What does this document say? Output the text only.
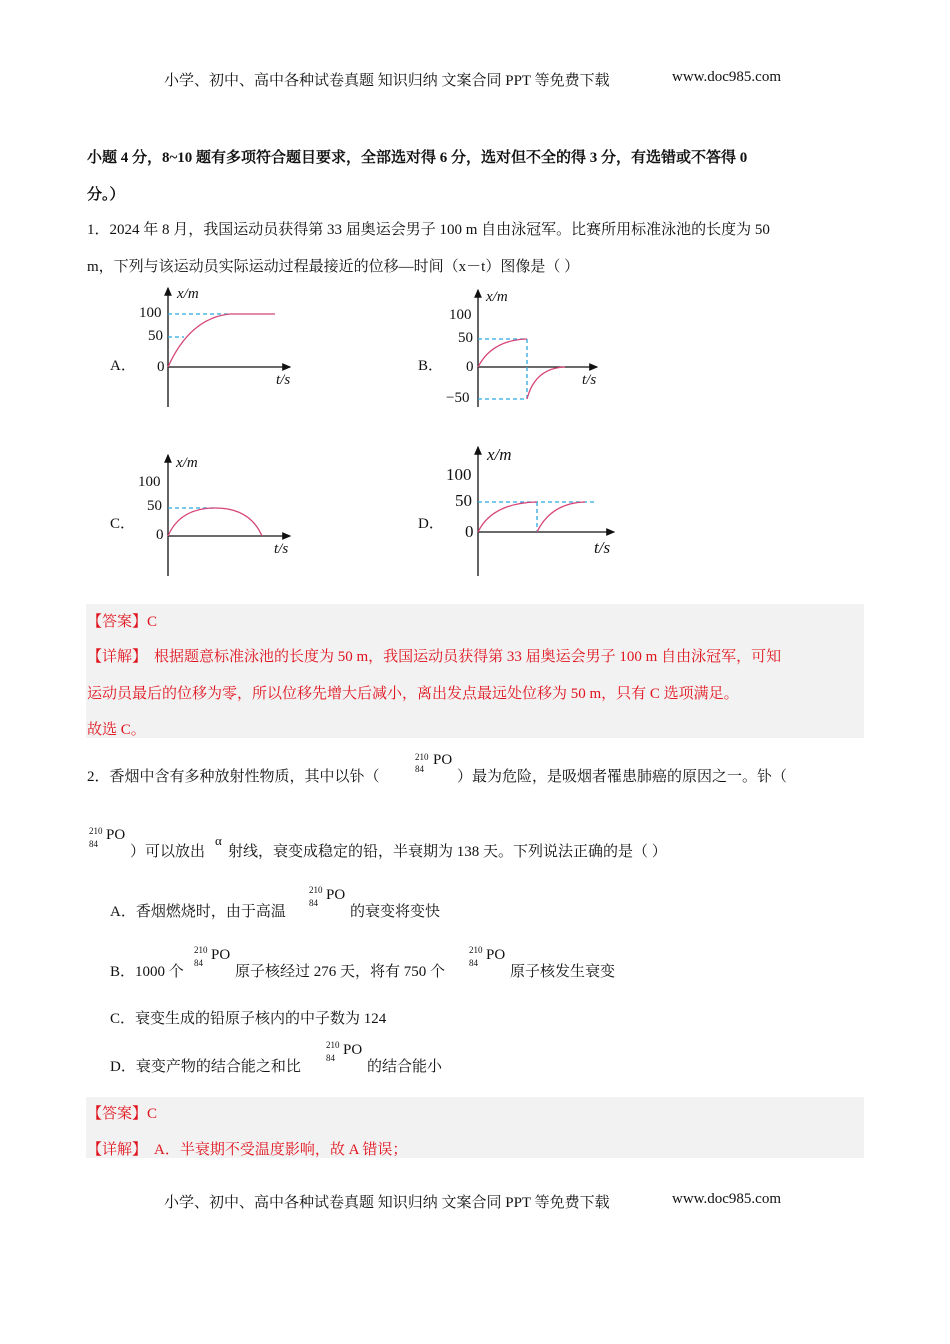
小学、初中、高中各种试卷真题 知识归纳 文案合同 PPT 等免费下载	www.doc985.com
小题 4 分，8~10 题有多项符合题目要求，全部选对得 6 分，选对但不全的得 3 分，有选错或不答得 0
分。）
1．2024 年 8 月，我国运动员获得第 33 届奥运会男子 100 m 自由泳冠军。比赛所用标准泳池的长度为 50
m，下列与该运动员实际运动过程最接近的位移—时间（x－t）图像是（ ）
A．
x/m
t/s
100
50
0	B．
x/m
t/s
100
50
0
−50
C．
x/m
t/s
100
50
0
D．
x/m
t/s
100
50
0
【答案】C
【详解】 根据题意标准泳池的长度为 50 m，我国运动员获得第 33 届奥运会男子 100 m 自由泳冠军，可知
运动员最后的位移为零，所以位移先增大后减小，离出发点最远处位移为 50 m，只有 C 选项满足。
故选 C。
2．香烟中含有多种放射性物质，其中以钋（
210
84
PO
）最为危险，是吸烟者罹患肺癌的原因之一。钋（
210
84
PO
）可以放出
α
射线，衰变成稳定的铅，半衰期为 138 天。下列说法正确的是（ ）
A．香烟燃烧时，由于高温
210
84 PO
的衰变将变快
B．1000 个
210
84 PO
原子核经过 276 天，将有 750 个
210
84 PO
原子核发生衰变
C．衰变生成的铅原子核内的中子数为 124
D．衰变产物的结合能之和比
210
84 PO
的结合能小
【答案】C
【详解】 A．半衰期不受温度影响，故 A 错误；
小学、初中、高中各种试卷真题 知识归纳 文案合同 PPT 等免费下载	www.doc985.com
